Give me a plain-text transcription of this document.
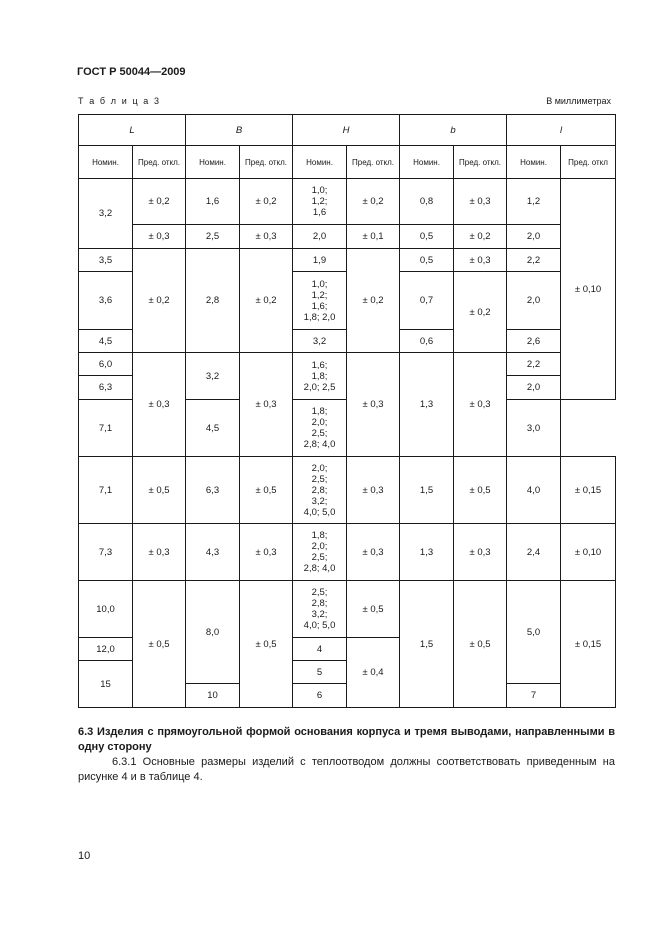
ГОСТ Р 50044—2009
Т а б л и ц а 3	В миллиметрах
L		B		H		b		l	
Номин.	Пред. откл.	Номин.	Пред. откл.	Номин.	Пред. откл.	Номин.	Пред. откл.	Номин.	Пред. откл
3,2	± 0,2	1,6	± 0,2	1,0;
1,2;
1,6	± 0,2	0,8	± 0,3	1,2	± 0,10
	± 0,3	2,5	± 0,3	2,0	± 0,1	0,5	± 0,2	2,0	
3,5	± 0,2	2,8	± 0,2	1,9	± 0,2	0,5	± 0,3	2,2	
3,6				1,0;
1,2;
1,6;
1,8; 2,0		0,7	± 0,2	2,0	
4,5				3,2		0,6		2,6	
6,0	± 0,3	3,2	± 0,3	1,6;
1,8;
2,0; 2,5	± 0,3	1,3	± 0,3	2,2	
6,3								2,0	
7,1		4,5		1,8;
2,0;
2,5;
2,8; 4,0				3,0	
7,1	± 0,5	6,3	± 0,5	2,0;
2,5;
2,8;
3,2;
4,0; 5,0	± 0,3	1,5	± 0,5	4,0	± 0,15
7,3	± 0,3	4,3	± 0,3	1,8;
2,0;
2,5;
2,8; 4,0	± 0,3	1,3	± 0,3	2,4	± 0,10
10,0	± 0,5	8,0	± 0,5	2,5;
2,8;
3,2;
4,0; 5,0	± 0,5	1,5	± 0,5	5,0	± 0,15
12,0				4	± 0,4				
15				5					
		10		6				7	
6.3 Изделия с прямоугольной формой основания корпуса и тремя выводами, направленными в одну сторону
6.3.1 Основные размеры изделий с теплоотводом должны соответствовать приведенным на рисунке 4 и в таблице 4.
10
